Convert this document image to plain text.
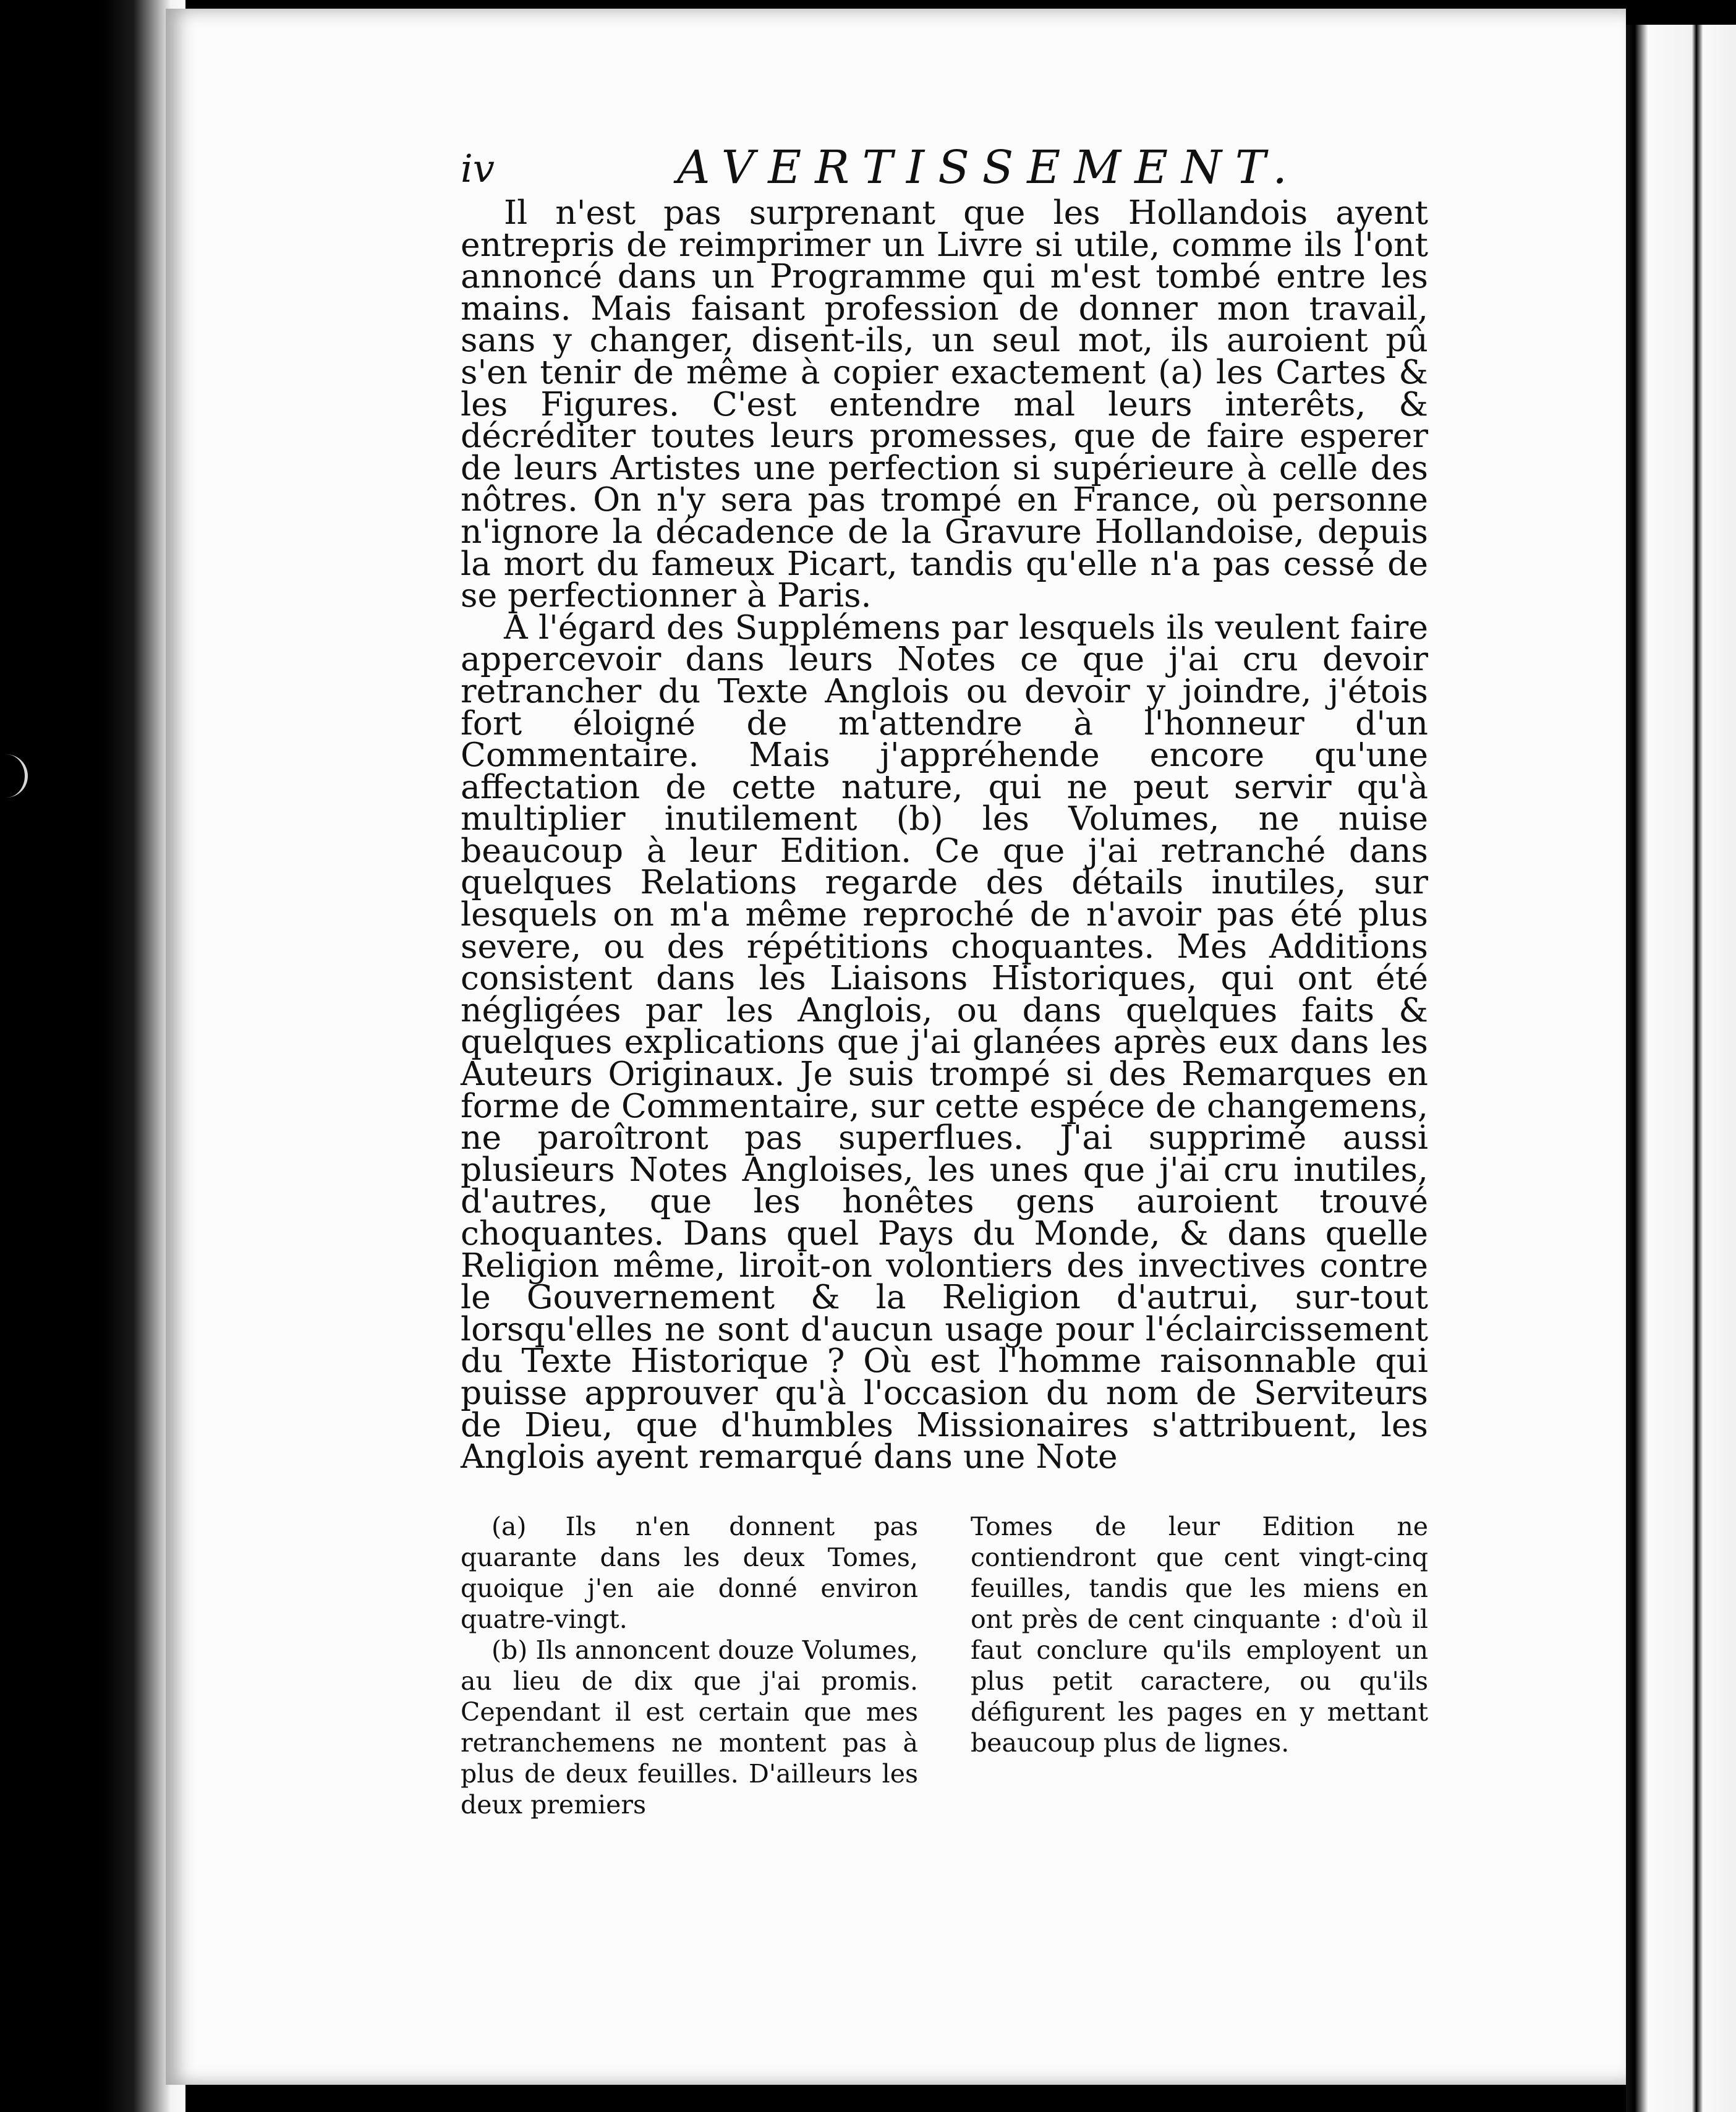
iv	AVERTISSEMENT.

Il n'est pas surprenant que les Hollandois ayent entrepris de reimprimer un Livre si utile, comme ils l'ont annoncé dans un Programme qui m'est tombé entre les mains. Mais faisant profession de donner mon travail, sans y changer, disent-ils, un seul mot, ils auroient pû s'en tenir de même à copier exactement (a) les Cartes & les Figures. C'est entendre mal leurs interêts, & décréditer toutes leurs promesses, que de faire esperer de leurs Artistes une perfection si supérieure à celle des nôtres. On n'y sera pas trompé en France, où personne n'ignore la décadence de la Gravure Hollandoise, depuis la mort du fameux Picart, tandis qu'elle n'a pas cessé de se perfectionner à Paris.

A l'égard des Supplémens par lesquels ils veulent faire appercevoir dans leurs Notes ce que j'ai cru devoir retrancher du Texte Anglois ou devoir y joindre, j'étois fort éloigné de m'attendre à l'honneur d'un Commentaire. Mais j'appréhende encore qu'une affectation de cette nature, qui ne peut servir qu'à multiplier inutilement (b) les Volumes, ne nuise beaucoup à leur Edition. Ce que j'ai retranché dans quelques Relations regarde des détails inutiles, sur lesquels on m'a même reproché de n'avoir pas été plus severe, ou des répétitions choquantes. Mes Additions consistent dans les Liaisons Historiques, qui ont été négligées par les Anglois, ou dans quelques faits & quelques explications que j'ai glanées après eux dans les Auteurs Originaux. Je suis trompé si des Remarques en forme de Commentaire, sur cette espéce de changemens, ne paroîtront pas superflues. J'ai supprimé aussi plusieurs Notes Angloises, les unes que j'ai cru inutiles, d'autres, que les honêtes gens auroient trouvé choquantes. Dans quel Pays du Monde, & dans quelle Religion même, liroit-on volontiers des invectives contre le Gouvernement & la Religion d'autrui, sur-tout lorsqu'elles ne sont d'aucun usage pour l'éclaircissement du Texte Historique ? Où est l'homme raisonnable qui puisse approuver qu'à l'occasion du nom de Serviteurs de Dieu, que d'humbles Missionaires s'attribuent, les Anglois ayent remarqué dans une Note

(a) Ils n'en donnent pas quarante dans les deux Tomes, quoique j'en aie donné environ quatre-vingt.

(b) Ils annoncent douze Volumes, au lieu de dix que j'ai promis. Cependant il est certain que mes retranchemens ne montent pas à plus de deux feuilles. D'ailleurs les deux premiers

Tomes de leur Edition ne contiendront que cent vingt-cinq feuilles, tandis que les miens en ont près de cent cinquante : d'où il faut conclure qu'ils employent un plus petit caractere, ou qu'ils défigurent les pages en y mettant beaucoup plus de lignes.
